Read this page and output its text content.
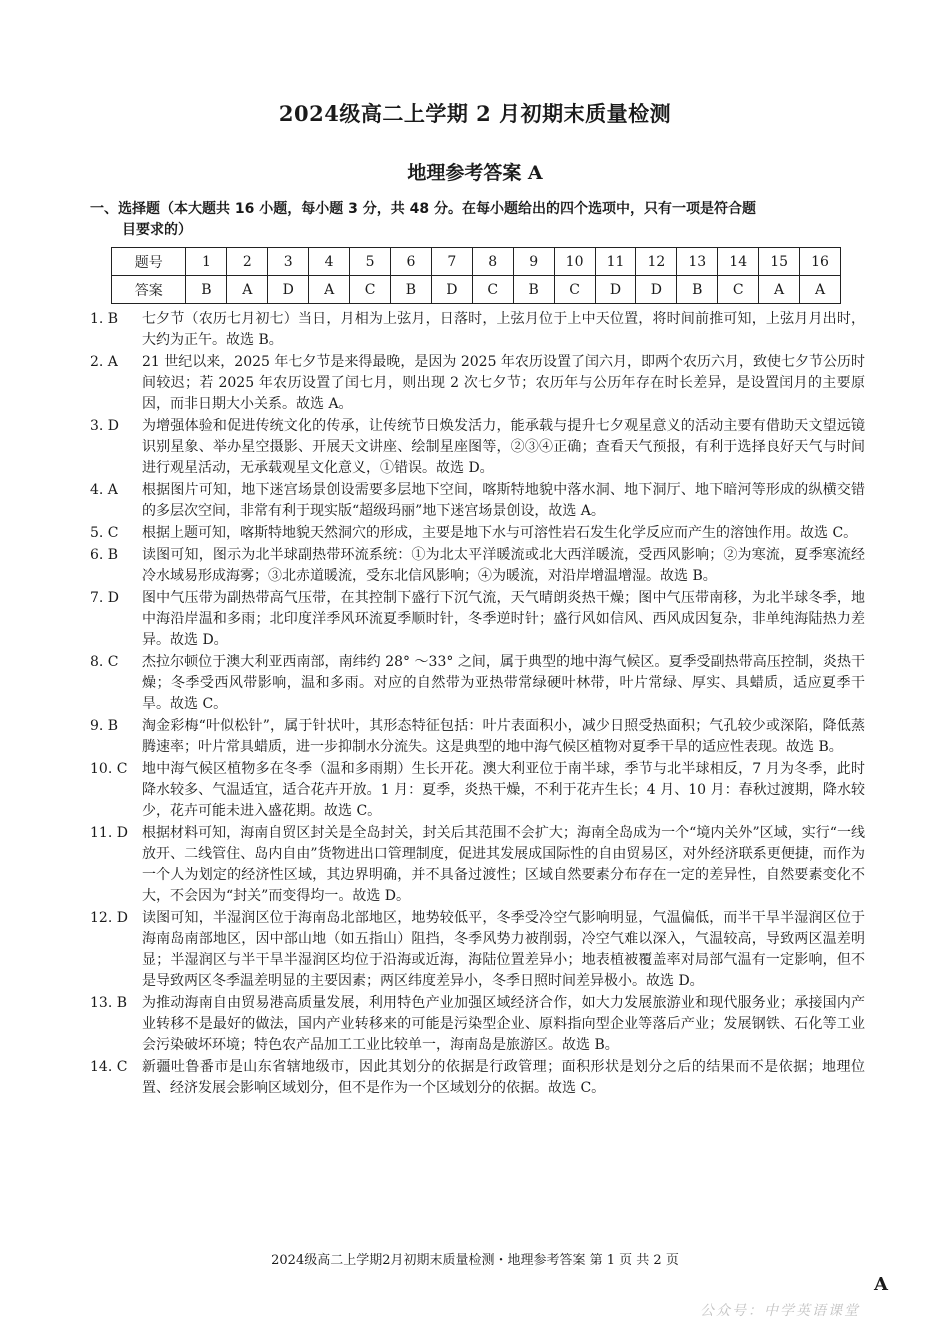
2024级高二上学期 2 月初期末质量检测
地理参考答案 A
一、选择题（本大题共 16 小题，每小题 3 分，共 48 分。在每小题给出的四个选项中，只有一项是符合题
目要求的）
题号	1	2	3	4	5	6	7	8	9	10	11	12	13	14	15	16
答案	B	A	D	A	C	B	D	C	B	C	D	D	B	C	A	A
1. B	七夕节（农历七月初七）当日，月相为上弦月，日落时，上弦月位于上中天位置，将时间前推可知，上弦月月出时，大约为正午。故选 B。
2. A	21 世纪以来，2025 年七夕节是来得最晚，是因为 2025 年农历设置了闰六月，即两个农历六月，致使七夕节公历时间较迟；若 2025 年农历设置了闰七月，则出现 2 次七夕节；农历年与公历年存在时长差异，是设置闰月的主要原因，而非日期大小关系。故选 A。
3. D	为增强体验和促进传统文化的传承，让传统节日焕发活力，能承载与提升七夕观星意义的活动主要有借助天文望远镜识别星象、举办星空摄影、开展天文讲座、绘制星座图等，②③④正确；查看天气预报，有利于选择良好天气与时间进行观星活动，无承载观星文化意义，①错误。故选 D。
4. A	根据图片可知，地下迷宫场景创设需要多层地下空间，喀斯特地貌中落水洞、地下洞厅、地下暗河等形成的纵横交错的多层次空间，非常有利于现实版“超级玛丽”地下迷宫场景创设，故选 A。
5. C	根据上题可知，喀斯特地貌天然洞穴的形成，主要是地下水与可溶性岩石发生化学反应而产生的溶蚀作用。故选 C。
6. B	读图可知，图示为北半球副热带环流系统：①为北太平洋暖流或北大西洋暖流，受西风影响；②为寒流，夏季寒流经冷水域易形成海雾；③北赤道暖流，受东北信风影响；④为暖流，对沿岸增温增湿。故选 B。
7. D	图中气压带为副热带高气压带，在其控制下盛行下沉气流，天气晴朗炎热干燥；图中气压带南移，为北半球冬季，地中海沿岸温和多雨；北印度洋季风环流夏季顺时针，冬季逆时针；盛行风如信风、西风成因复杂，非单纯海陆热力差异。故选 D。
8. C	杰拉尔顿位于澳大利亚西南部，南纬约 28° ～33° 之间，属于典型的地中海气候区。夏季受副热带高压控制，炎热干燥；冬季受西风带影响，温和多雨。对应的自然带为亚热带常绿硬叶林带，叶片常绿、厚实、具蜡质，适应夏季干旱。故选 C。
9. B	淘金彩梅“叶似松针”，属于针状叶，其形态特征包括：叶片表面积小，减少日照受热面积；气孔较少或深陷，降低蒸腾速率；叶片常具蜡质，进一步抑制水分流失。这是典型的地中海气候区植物对夏季干旱的适应性表现。故选 B。
10. C	地中海气候区植物多在冬季（温和多雨期）生长开花。澳大利亚位于南半球，季节与北半球相反，7 月为冬季，此时降水较多、气温适宜，适合花卉开放。1 月：夏季，炎热干燥，不利于花卉生长；4 月、10 月：春秋过渡期，降水较少，花卉可能未进入盛花期。故选 C。
11. D	根据材料可知，海南自贸区封关是全岛封关，封关后其范围不会扩大；海南全岛成为一个“境内关外”区域，实行“一线放开、二线管住、岛内自由”货物进出口管理制度，促进其发展成国际性的自由贸易区，对外经济联系更便捷，而作为一个人为划定的经济性区域，其边界明确，并不具备过渡性；区域自然要素分布存在一定的差异性，自然要素变化不大，不会因为“封关”而变得均一。故选 D。
12. D	读图可知，半湿润区位于海南岛北部地区，地势较低平，冬季受冷空气影响明显，气温偏低，而半干旱半湿润区位于海南岛南部地区，因中部山地（如五指山）阻挡，冬季风势力被削弱，冷空气难以深入，气温较高，导致两区温差明显；半湿润区与半干旱半湿润区均位于沿海或近海，海陆位置差异小；地表植被覆盖率对局部气温有一定影响，但不是导致两区冬季温差明显的主要因素；两区纬度差异小，冬季日照时间差异极小。故选 D。
13. B	为推动海南自由贸易港高质量发展，利用特色产业加强区域经济合作，如大力发展旅游业和现代服务业；承接国内产业转移不是最好的做法，国内产业转移来的可能是污染型企业、原料指向型企业等落后产业；发展钢铁、石化等工业会污染破坏环境；特色农产品加工工业比较单一，海南岛是旅游区。故选 B。
14. C	新疆吐鲁番市是山东省辖地级市，因此其划分的依据是行政管理；面积形状是划分之后的结果而不是依据；地理位置、经济发展会影响区域划分，但不是作为一个区域划分的依据。故选 C。
2024级高二上学期2月初期末质量检测・地理参考答案 第 1 页 共 2 页
A
公众号：中学英语课堂
